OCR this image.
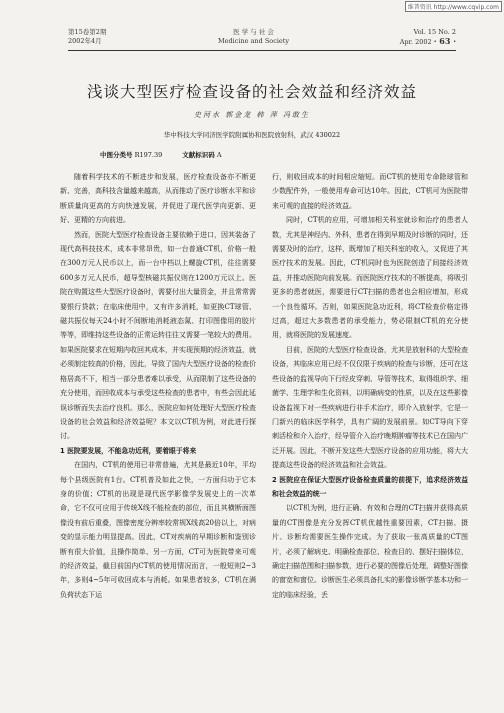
维普资讯 http://www.cqvip.com
第15卷第2期
2002年4月
医 学 与 社 会
Medicine and Society
Vol. 15 No. 2
Apr. 2002 · 63 ·
浅谈大型医疗检查设备的社会效益和经济效益
史河水 郭金龙 韩 萍 冯敢生
华中科技大学同济医学院附属协和医院放射科，武汉 430022
中图分类号 R197.39	文献标识码 A

随着科学技术的不断进步和发展，医疗检查设备亦不断更新、完善，高科技含量越来越高，从而推动了医疗诊断水平和诊断质量向更高的方向快速发展，并促进了现代医学向更新、更好、更精的方向前进。

然而，医院大型医疗检查设备主要依赖于进口，因其装备了现代高科技技术，成本非常昂贵，如一台普通CT机，价格一般在300万元人民币以上，而一台中档以上螺旋CT机，往往需要600多万元人民币，超导型核磁共振仪则在1200万元以上。医院在购置这些大型医疗设备时，需要付出大量资金，并且常常需要银行贷款；在临床使用中，又有许多消耗，如更换CT球管、磁共振仪每天24小时不间断地消耗液态氮、打印图像用的胶片等等，即维持这些设备的正常运转往往又需要一笔较大的费用。如果医院要求在短期内收回其成本，并实现预期的经济效益，就必须制定较高的价格，因此，导致了国内大型医疗设备的检查价格居高不下，相当一部分患者难以承受，从而限制了这些设备的充分使用，而回收成本与承受这些检查的患者中，有些会因此延误诊断而失去治疗良机。那么，医院应如何处理好大型医疗检查设备的社会效益和经济效益呢？本文以CT机为例，对此进行探讨。

1 医院要发展，不能急功近利，要着眼于将来

在国内，CT机的使用已非常普遍，尤其是最近10年，平均每个县级医院有1台。CT机普及如此之快，一方面归功于它本身的价值；CT机的出现是现代医学影像学发展史上的一次革命，它不仅可应用于传统X线不能检查的部位，而且其横断面图像没有前后重叠，图像密度分辨率较常规X线高20倍以上，对病变的显示能力明显提高。因此，CT对疾病的早期诊断和鉴别诊断有很大价值，且操作简单、另一方面，CT可为医院带来可观的经济效益，截目前国内CT机的使用情况而言，一般短则2~3年，多则4~5年可收回成本与消耗。如果患者较多，CT机在满负荷状态下运

行，则收回成本的时间相应缩短。而CT机的使用专命除球管和少数配件外，一般使用寿命可达10年。因此，CT机可为医院带来可观的直接的经济效益。

同时，CT机的应用，可增加相关科室就诊和治疗的患者人数，尤其是神经内、外科，患者在得到早期及时诊断的同时，还需要及时的治疗，这样，既增加了相关科室的收入，又促进了其医疗技术的发展。因此，CT机同时也为医院创造了间接经济效益，并推动医院向前发展。而医院医疗技术的不断提高，将吸引更多的患者就医，需要进行CT扫描的患者也会相应增加，形成一个良性循环。否则，如果医院急功近利，将CT检查价格定得过高，超过大多数患者的承受能力，势必限制CT机的充分使用，就将医院的发展速度。

目前，医院的大型医疗检查设备，尤其是放射科的大型检查设备，其临床应用已经不仅仅限于疾病的检查与诊断，还可在这些设备的监视导向下行经皮穿刺、导管等技术，取得组织学、细菌学、生理学和生化资料，以明确病变的性质，以及在这些影像设备监视下对一些疾病进行非手术治疗，即介入放射学，它是一门新兴的临床医学科学，具有广阔的发展前景。如CT导向下穿刺活检和介入治疗，经导管介入治疗晚期肿瘤等技术已在国内广泛开展。因此，不断开发这些大型医疗设备的应用功能，将大大提高这些设备的经济效益和社会效益。

2 医院应在保证大型医疗设备检查质量的前提下，追求经济效益和社会效益的统一

以CT机为例，进行正确、有效和合理的CT扫描并获得高质量的CT图像是充分发挥CT机优越性重要因素，CT扫描、摄片、诊断均需要医生操作完成。为了获取一张高质量的CT图片，必须了解病史、明确检查部位、检查目的、摆好扫描体位，确定扫描范围和扫描参数，进行必要的图像后处理，调整好图像的窗宽和窗位。诊断医生必须具备扎实的影像诊断学基本功和一定的临床经验，丢
